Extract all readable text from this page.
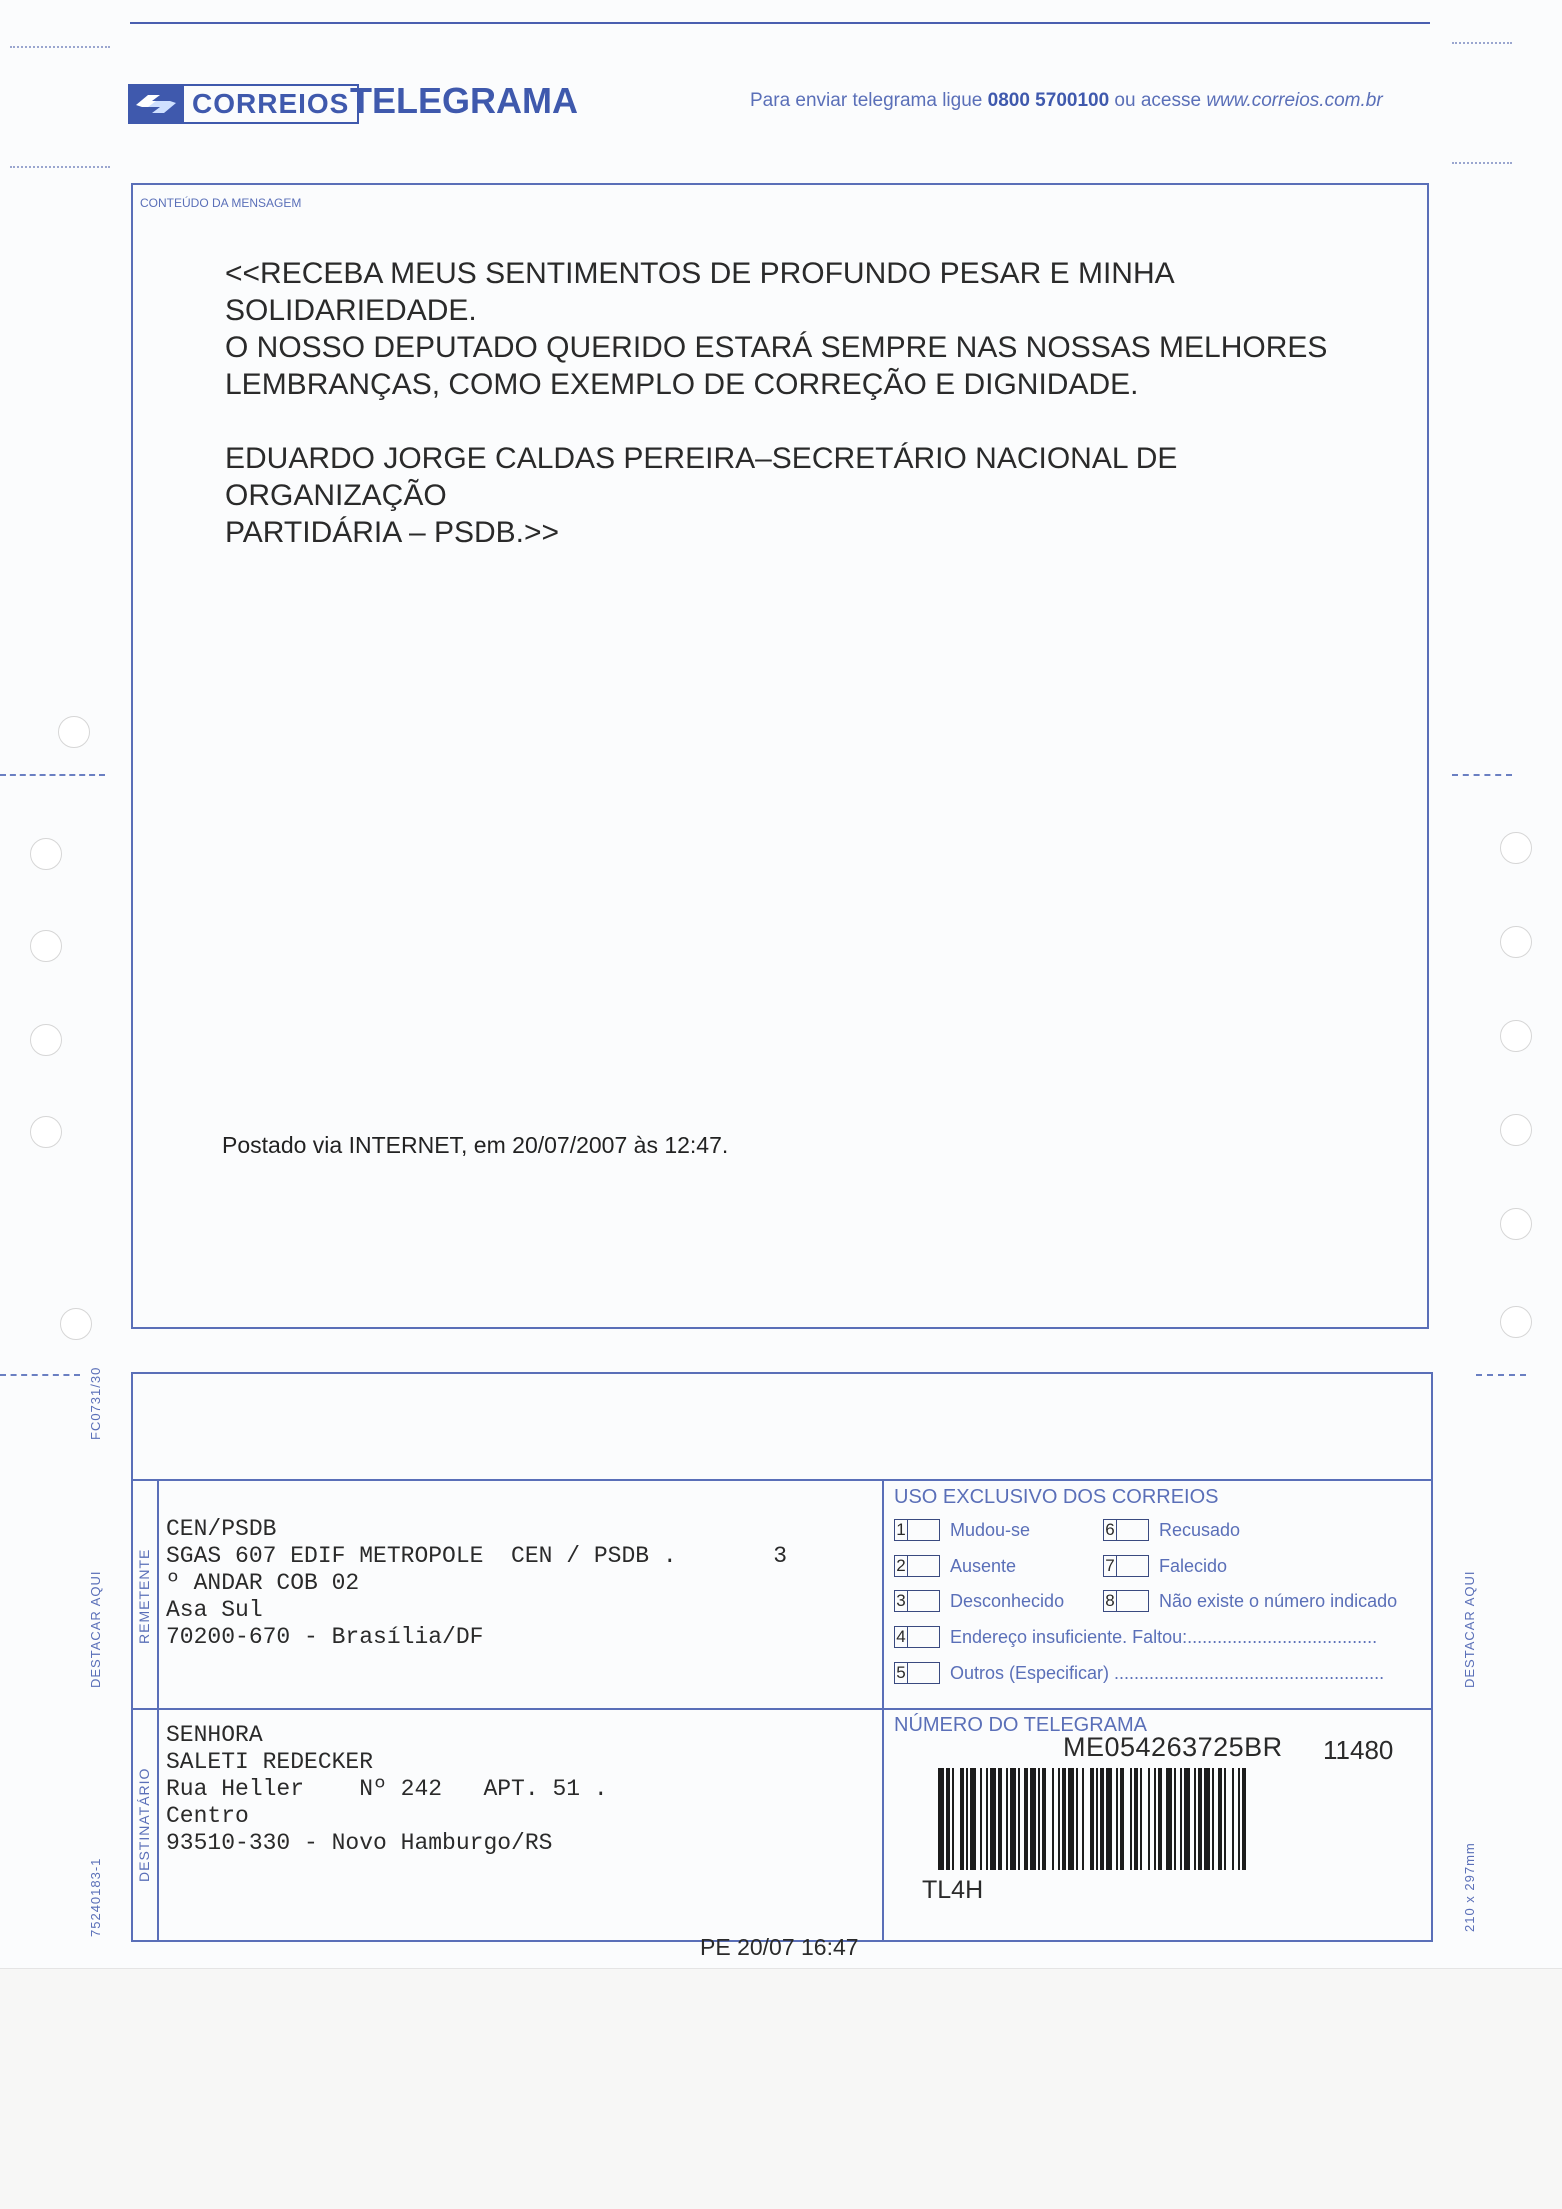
CORREIOS TELEGRAMA	Para enviar telegrama ligue 0800 5700100 ou acesse www.correios.com.br
CONTEÚDO DA MENSAGEM
<<RECEBA MEUS SENTIMENTOS DE PROFUNDO PESAR E MINHA
SOLIDARIEDADE.
O NOSSO DEPUTADO QUERIDO ESTARÁ SEMPRE NAS NOSSAS MELHORES
LEMBRANÇAS, COMO EXEMPLO DE CORREÇÃO E DIGNIDADE.

EDUARDO JORGE CALDAS PEREIRA–SECRETÁRIO NACIONAL DE
ORGANIZAÇÃO
PARTIDÁRIA – PSDB.>>
Postado via INTERNET, em 20/07/2007 às 12:47.
FC0731/30
DESTACAR AQUI	DESTACAR AQUI
75240183-1	210 x 297mm
REMETENTE
DESTINATÁRIO
CEN/PSDB
SGAS 607 EDIF METROPOLE  CEN / PSDB .       3
º ANDAR COB 02
Asa Sul
70200-670 - Brasília/DF
SENHORA
SALETI REDECKER
Rua Heller    Nº 242   APT. 51 .
Centro
93510-330 - Novo Hamburgo/RS
USO EXCLUSIVO DOS CORREIOS
1 Mudou-se	6 Recusado
2 Ausente	7 Falecido
3 Desconhecido 8 Não existe o número indicado
4 Endereço insuficiente. Faltou:......................................
5 Outros (Especificar) ......................................................
NÚMERO DO TELEGRAMA
ME054263725BR 11480
TL4H
PE 20/07 16:47
